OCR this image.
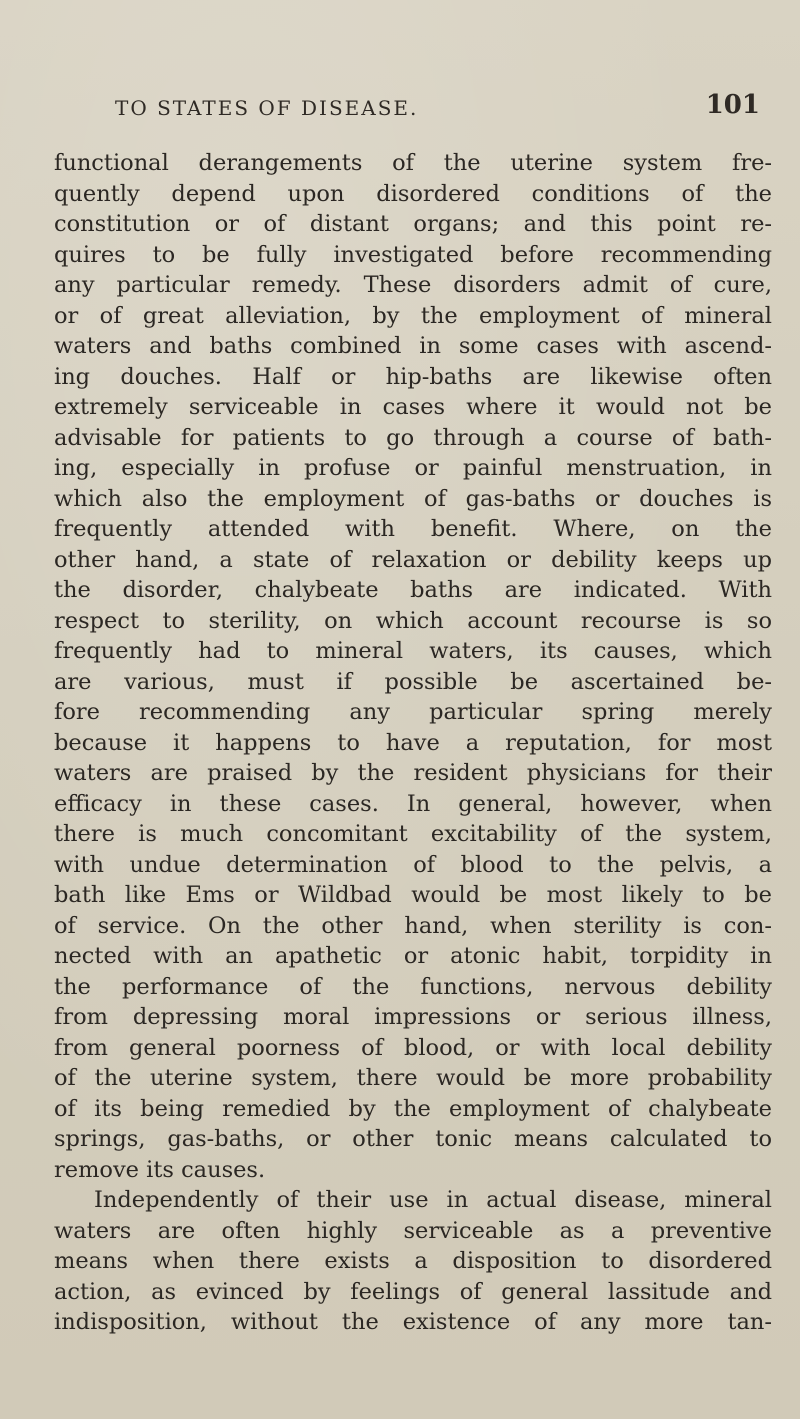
TO STATES OF DISEASE.	101
functional derangements of the uterine system fre-
quently depend upon disordered conditions of the
constitution or of distant organs; and this point re-
quires to be fully investigated before recommending
any particular remedy. These disorders admit of cure,
or of great alleviation, by the employment of mineral
waters and baths combined in some cases with ascend-
ing douches. Half or hip-baths are likewise often
extremely serviceable in cases where it would not be
advisable for patients to go through a course of bath-
ing, especially in profuse or painful menstruation, in
which also the employment of gas-baths or douches is
frequently attended with benefit. Where, on the
other hand, a state of relaxation or debility keeps up
the disorder, chalybeate baths are indicated. With
respect to sterility, on which account recourse is so
frequently had to mineral waters, its causes, which
are various, must if possible be ascertained be-
fore recommending any particular spring merely
because it happens to have a reputation, for most
waters are praised by the resident physicians for their
efficacy in these cases. In general, however, when
there is much concomitant excitability of the system,
with undue determination of blood to the pelvis, a
bath like Ems or Wildbad would be most likely to be
of service. On the other hand, when sterility is con-
nected with an apathetic or atonic habit, torpidity in
the performance of the functions, nervous debility
from depressing moral impressions or serious illness,
from general poorness of blood, or with local debility
of the uterine system, there would be more probability
of its being remedied by the employment of chalybeate
springs, gas-baths, or other tonic means calculated to
remove its causes.
Independently of their use in actual disease, mineral
waters are often highly serviceable as a preventive
means when there exists a disposition to disordered
action, as evinced by feelings of general lassitude and
indisposition, without the existence of any more tan-
